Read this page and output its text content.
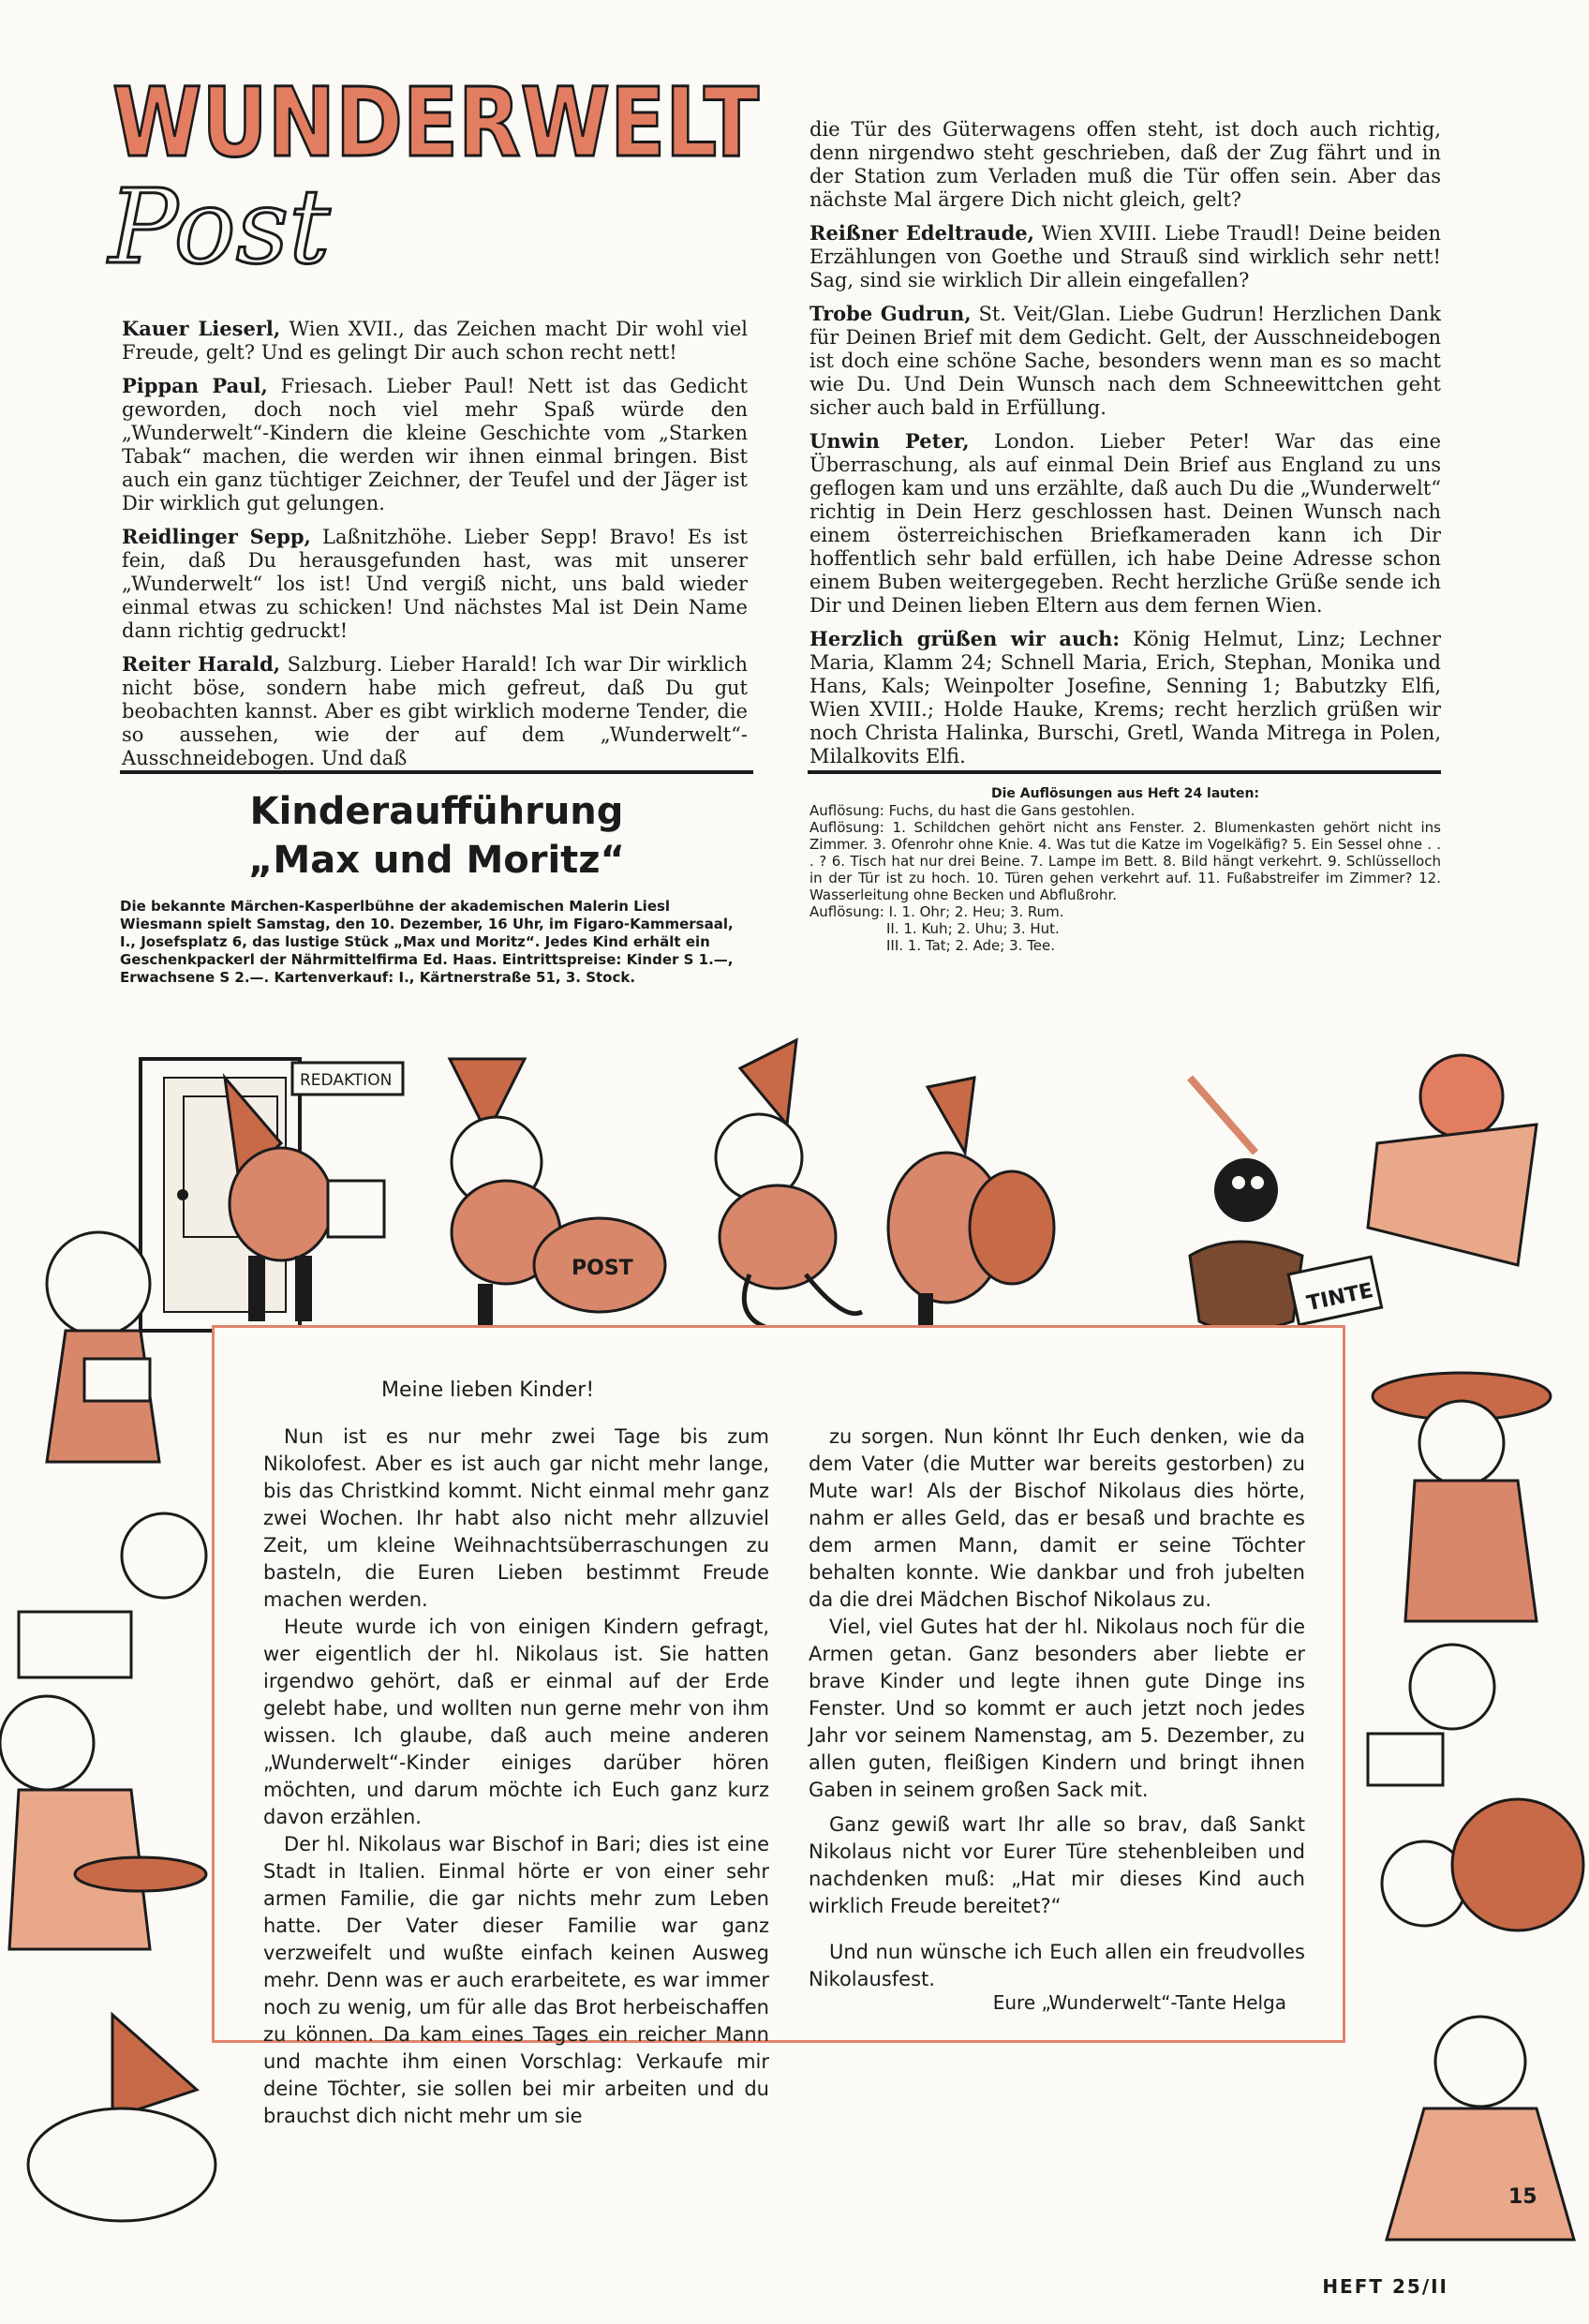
WUNDERWELT
Post

Kauer Lieserl, Wien XVII., das Zeichen macht Dir wohl viel Freude, gelt? Und es gelingt Dir auch schon recht nett!

Pippan Paul, Friesach. Lieber Paul! Nett ist das Gedicht geworden, doch noch viel mehr Spaß würde den „Wunderwelt“-Kindern die kleine Geschichte vom „Starken Tabak“ machen, die werden wir ihnen einmal bringen. Bist auch ein ganz tüchtiger Zeichner, der Teufel und der Jäger ist Dir wirklich gut gelungen.

Reidlinger Sepp, Laßnitzhöhe. Lieber Sepp! Bravo! Es ist fein, daß Du herausgefunden hast, was mit unserer „Wunderwelt“ los ist! Und vergiß nicht, uns bald wieder einmal etwas zu schicken! Und nächstes Mal ist Dein Name dann richtig gedruckt!

Reiter Harald, Salzburg. Lieber Harald! Ich war Dir wirklich nicht böse, sondern habe mich gefreut, daß Du gut beobachten kannst. Aber es gibt wirklich moderne Tender, die so aussehen, wie der auf dem „Wunderwelt“-Ausschneidebogen. Und daß

die Tür des Güterwagens offen steht, ist doch auch richtig, denn nirgendwo steht geschrieben, daß der Zug fährt und in der Station zum Verladen muß die Tür offen sein. Aber das nächste Mal ärgere Dich nicht gleich, gelt?

Reißner Edeltraude, Wien XVIII. Liebe Traudl! Deine beiden Erzählungen von Goethe und Strauß sind wirklich sehr nett! Sag, sind sie wirklich Dir allein eingefallen?

Trobe Gudrun, St. Veit/Glan. Liebe Gudrun! Herzlichen Dank für Deinen Brief mit dem Gedicht. Gelt, der Ausschneidebogen ist doch eine schöne Sache, besonders wenn man es so macht wie Du. Und Dein Wunsch nach dem Schneewittchen geht sicher auch bald in Erfüllung.

Unwin Peter, London. Lieber Peter! War das eine Überraschung, als auf einmal Dein Brief aus England zu uns geflogen kam und uns erzählte, daß auch Du die „Wunderwelt“ richtig in Dein Herz geschlossen hast. Deinen Wunsch nach einem österreichischen Briefkameraden kann ich Dir hoffentlich sehr bald erfüllen, ich habe Deine Adresse schon einem Buben weitergegeben. Recht herzliche Grüße sende ich Dir und Deinen lieben Eltern aus dem fernen Wien.

Herzlich grüßen wir auch: König Helmut, Linz; Lechner Maria, Klamm 24; Schnell Maria, Erich, Stephan, Monika und Hans, Kals; Weinpolter Josefine, Senning 1; Babutzky Elfi, Wien XVIII.; Holde Hauke, Krems; recht herzlich grüßen wir noch Christa Halinka, Burschi, Gretl, Wanda Mitrega in Polen, Milalkovits Elfi.

Kinderaufführung
„Max und Moritz“
Die bekannte Märchen-Kasperlbühne der akademischen Malerin Liesl Wiesmann spielt Samstag, den 10. Dezember, 16 Uhr, im Figaro-Kammersaal, I., Josefsplatz 6, das lustige Stück „Max und Moritz“. Jedes Kind erhält ein Geschenkpackerl der Nährmittelfirma Ed. Haas. Eintrittspreise: Kinder S 1.—, Erwachsene S 2.—. Kartenverkauf: I., Kärtnerstraße 51, 3. Stock.

Die Auflösungen aus Heft 24 lauten:

Auflösung: Fuchs, du hast die Gans gestohlen.

Auflösung: 1. Schildchen gehört nicht ans Fenster. 2. Blumenkasten gehört nicht ins Zimmer. 3. Ofenrohr ohne Knie. 4. Was tut die Katze im Vogelkäfig? 5. Ein Sessel ohne . . . ? 6. Tisch hat nur drei Beine. 7. Lampe im Bett. 8. Bild hängt verkehrt. 9. Schlüsselloch in der Tür ist zu hoch. 10. Türen gehen verkehrt auf. 11. Fußabstreifer im Zimmer? 12. Wasserleitung ohne Becken und Abflußrohr.

Auflösung: I. 1. Ohr; 2. Heu; 3. Rum.

II. 1. Kuh; 2. Uhu; 3. Hut.

III. 1. Tat; 2. Ade; 3. Tee.

REDAKTION
POST
TINTE
Meine lieben Kinder!

Nun ist es nur mehr zwei Tage bis zum Nikolofest. Aber es ist auch gar nicht mehr lange, bis das Christkind kommt. Nicht einmal mehr ganz zwei Wochen. Ihr habt also nicht mehr allzuviel Zeit, um kleine Weihnachtsüberraschungen zu basteln, die Euren Lieben bestimmt Freude machen werden.

Heute wurde ich von einigen Kindern gefragt, wer eigentlich der hl. Nikolaus ist. Sie hatten irgendwo gehört, daß er einmal auf der Erde gelebt habe, und wollten nun gerne mehr von ihm wissen. Ich glaube, daß auch meine anderen „Wunderwelt“-Kinder einiges darüber hören möchten, und darum möchte ich Euch ganz kurz davon erzählen.

Der hl. Nikolaus war Bischof in Bari; dies ist eine Stadt in Italien. Einmal hörte er von einer sehr armen Familie, die gar nichts mehr zum Leben hatte. Der Vater dieser Familie war ganz verzweifelt und wußte einfach keinen Ausweg mehr. Denn was er auch erarbeitete, es war immer noch zu wenig, um für alle das Brot herbeischaffen zu können. Da kam eines Tages ein reicher Mann und machte ihm einen Vorschlag: Verkaufe mir deine Töchter, sie sollen bei mir arbeiten und du brauchst dich nicht mehr um sie

zu sorgen. Nun könnt Ihr Euch denken, wie da dem Vater (die Mutter war bereits gestorben) zu Mute war! Als der Bischof Nikolaus dies hörte, nahm er alles Geld, das er besaß und brachte es dem armen Mann, damit er seine Töchter behalten konnte. Wie dankbar und froh jubelten da die drei Mädchen Bischof Nikolaus zu.

Viel, viel Gutes hat der hl. Nikolaus noch für die Armen getan. Ganz besonders aber liebte er brave Kinder und legte ihnen gute Dinge ins Fenster. Und so kommt er auch jetzt noch jedes Jahr vor seinem Namenstag, am 5. Dezember, zu allen guten, fleißigen Kindern und bringt ihnen Gaben in seinem großen Sack mit.

Ganz gewiß wart Ihr alle so brav, daß Sankt Nikolaus nicht vor Eurer Türe stehenbleiben und nachdenken muß: „Hat mir dieses Kind auch wirklich Freude bereitet?“

Und nun wünsche ich Euch allen ein freudvolles Nikolausfest.

Eure „Wunderwelt“-Tante Helga
15
HEFT 25/II
